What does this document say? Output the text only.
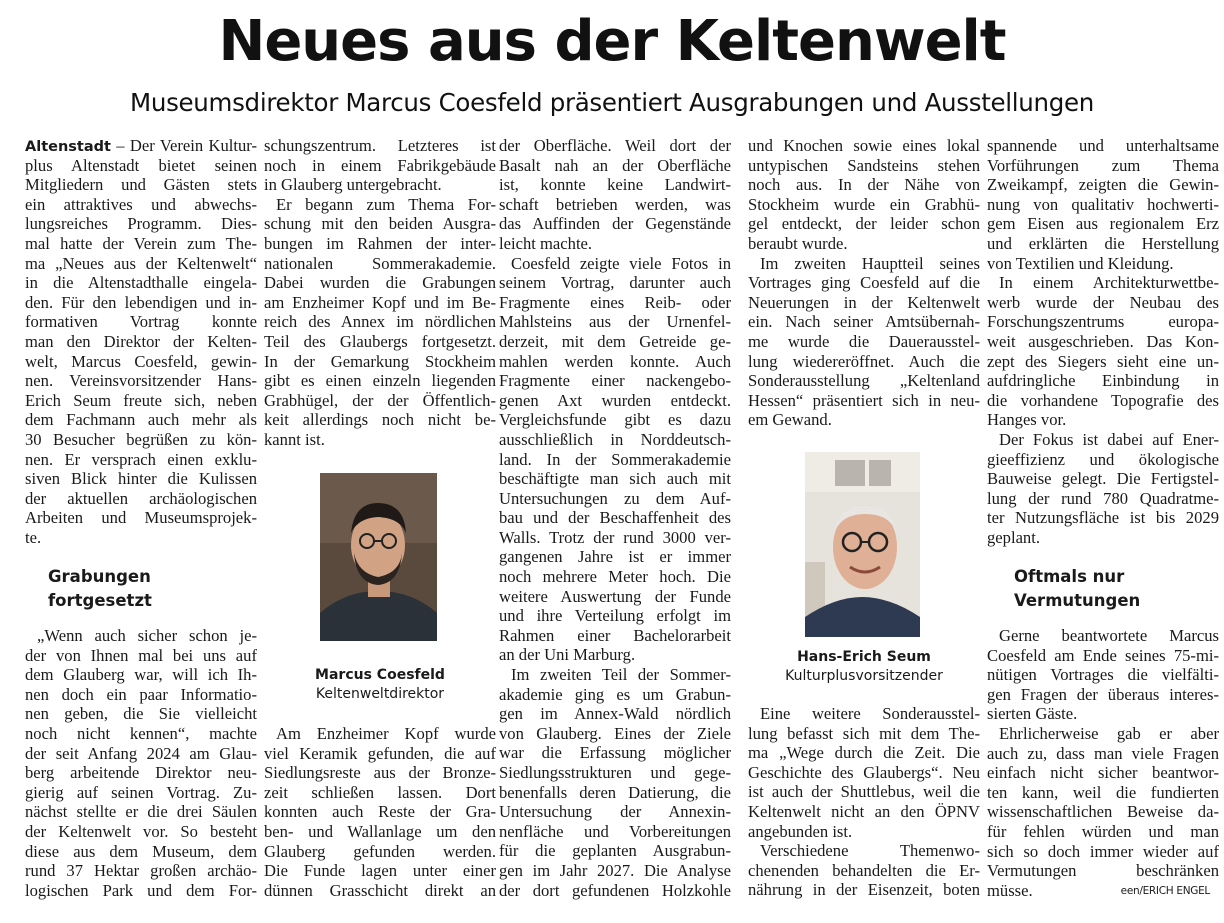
Neues aus der Keltenwelt
Museumsdirektor Marcus Coesfeld präsentiert Ausgrabungen und Ausstellungen
Altenstadt – Der Verein Kultur-
plus Altenstadt bietet seinen
Mitgliedern und Gästen stets
ein attraktives und abwechs-
lungsreiches Programm. Dies-
mal hatte der Verein zum The-
ma „Neues aus der Keltenwelt“
in die Altenstadthalle eingela-
den. Für den lebendigen und in-
formativen Vortrag konnte
man den Direktor der Kelten-
welt, Marcus Coesfeld, gewin-
nen. Vereinsvorsitzender Hans-
Erich Seum freute sich, neben
dem Fachmann auch mehr als
30 Besucher begrüßen zu kön-
nen. Er versprach einen exklu-
siven Blick hinter die Kulissen
der aktuellen archäologischen
Arbeiten und Museumsprojek-
te.
Grabungen
fortgesetzt
„Wenn auch sicher schon je-
der von Ihnen mal bei uns auf
dem Glauberg war, will ich Ih-
nen doch ein paar Informatio-
nen geben, die Sie vielleicht
noch nicht kennen“, machte
der seit Anfang 2024 am Glau-
berg arbeitende Direktor neu-
gierig auf seinen Vortrag. Zu-
nächst stellte er die drei Säulen
der Keltenwelt vor. So besteht
diese aus dem Museum, dem
rund 37 Hektar großen archäo-
logischen Park und dem For-
schungszentrum. Letzteres ist
noch in einem Fabrikgebäude
in Glauberg untergebracht.
Er begann zum Thema For-
schung mit den beiden Ausgra-
bungen im Rahmen der inter-
nationalen Sommerakademie.
Dabei wurden die Grabungen
am Enzheimer Kopf und im Be-
reich des Annex im nördlichen
Teil des Glaubergs fortgesetzt.
In der Gemarkung Stockheim
gibt es einen einzeln liegenden
Grabhügel, der der Öffentlich-
keit allerdings noch nicht be-
kannt ist.
Marcus Coesfeld
Keltenweltdirektor
Am Enzheimer Kopf wurde
viel Keramik gefunden, die auf
Siedlungsreste aus der Bronze-
zeit schließen lassen. Dort
konnten auch Reste der Gra-
ben- und Wallanlage um den
Glauberg gefunden werden.
Die Funde lagen unter einer
dünnen Grasschicht direkt an
der Oberfläche. Weil dort der
Basalt nah an der Oberfläche
ist, konnte keine Landwirt-
schaft betrieben werden, was
das Auffinden der Gegenstände
leicht machte.
Coesfeld zeigte viele Fotos in
seinem Vortrag, darunter auch
Fragmente eines Reib- oder
Mahlsteins aus der Urnenfel-
derzeit, mit dem Getreide ge-
mahlen werden konnte. Auch
Fragmente einer nackengebo-
genen Axt wurden entdeckt.
Vergleichsfunde gibt es dazu
ausschließlich in Norddeutsch-
land. In der Sommerakademie
beschäftigte man sich auch mit
Untersuchungen zu dem Auf-
bau und der Beschaffenheit des
Walls. Trotz der rund 3000 ver-
gangenen Jahre ist er immer
noch mehrere Meter hoch. Die
weitere Auswertung der Funde
und ihre Verteilung erfolgt im
Rahmen einer Bachelorarbeit
an der Uni Marburg.
Im zweiten Teil der Sommer-
akademie ging es um Grabun-
gen im Annex-Wald nördlich
von Glauberg. Eines der Ziele
war die Erfassung möglicher
Siedlungsstrukturen und gege-
benenfalls deren Datierung, die
Untersuchung der Annexin-
nenfläche und Vorbereitungen
für die geplanten Ausgrabun-
gen im Jahr 2027. Die Analyse
der dort gefundenen Holzkohle
und Knochen sowie eines lokal
untypischen Sandsteins stehen
noch aus. In der Nähe von
Stockheim wurde ein Grabhü-
gel entdeckt, der leider schon
beraubt wurde.
Im zweiten Hauptteil seines
Vortrages ging Coesfeld auf die
Neuerungen in der Keltenwelt
ein. Nach seiner Amtsübernah-
me wurde die Dauerausstel-
lung wiedereröffnet. Auch die
Sonderausstellung „Keltenland
Hessen“ präsentiert sich in neu-
em Gewand.
Hans-Erich Seum
Kulturplusvorsitzender
Eine weitere Sonderausstel-
lung befasst sich mit dem The-
ma „Wege durch die Zeit. Die
Geschichte des Glaubergs“. Neu
ist auch der Shuttlebus, weil die
Keltenwelt nicht an den ÖPNV
angebunden ist.
Verschiedene Themenwo-
chenenden behandelten die Er-
nährung in der Eisenzeit, boten
spannende und unterhaltsame
Vorführungen zum Thema
Zweikampf, zeigten die Gewin-
nung von qualitativ hochwerti-
gem Eisen aus regionalem Erz
und erklärten die Herstellung
von Textilien und Kleidung.
In einem Architekturwettbe-
werb wurde der Neubau des
Forschungszentrums europa-
weit ausgeschrieben. Das Kon-
zept des Siegers sieht eine un-
aufdringliche Einbindung in
die vorhandene Topografie des
Hanges vor.
Der Fokus ist dabei auf Ener-
gieeffizienz und ökologische
Bauweise gelegt. Die Fertigstel-
lung der rund 780 Quadratme-
ter Nutzungsfläche ist bis 2029
geplant.
Oftmals nur
Vermutungen
Gerne beantwortete Marcus
Coesfeld am Ende seines 75-mi-
nütigen Vortrages die vielfälti-
gen Fragen der überaus interes-
sierten Gäste.
Ehrlicherweise gab er aber
auch zu, dass man viele Fragen
einfach nicht sicher beantwor-
ten kann, weil die fundierten
wissenschaftlichen Beweise da-
für fehlen würden und man
sich so doch immer wieder auf
Vermutungen beschränken
müsse.	een/ERICH ENGEL
